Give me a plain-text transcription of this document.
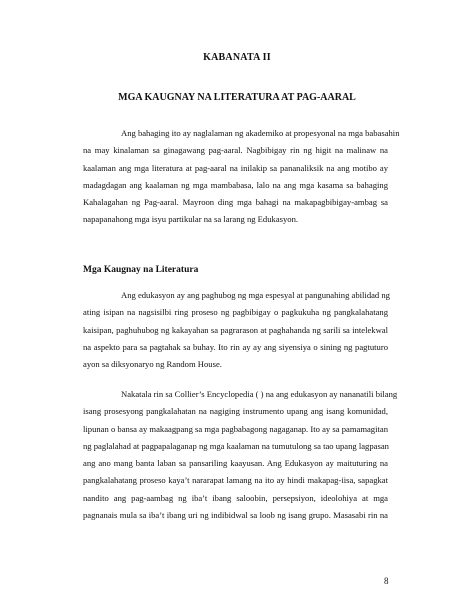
KABANATA II
MGA KAUGNAY NA LITERATURA AT PAG-AARAL
Ang bahaging ito ay naglalaman ng akademiko at propesyonal na mga babasahin
na may kinalaman sa ginagawang pag-aaral. Nagbibigay rin ng higit na malinaw na
kaalaman ang mga literatura at pag-aaral na inilakip sa pananaliksik na ang motibo ay
madagdagan ang kaalaman ng mga mambabasa, lalo na ang mga kasama sa bahaging
Kahalagahan ng Pag-aaral. Mayroon ding mga bahagi na makapagbibigay-ambag sa
napapanahong mga isyu partikular na sa larang ng Edukasyon.
Mga Kaugnay na Literatura
Ang edukasyon ay ang paghubog ng mga espesyal at pangunahing abilidad ng
ating isipan na nagsisilbi ring proseso ng pagbibigay o pagkukuha ng pangkalahatang
kaisipan, paghuhubog ng kakayahan sa pagrarason at paghahanda ng sarili sa intelekwal
na aspekto para sa pagtahak sa buhay. Ito rin ay ay ang siyensiya o sining ng pagtuturo
ayon sa diksyonaryo ng Random House.
Nakatala rin sa Collier’s Encyclopedia ( ) na ang edukasyon ay nananatili bilang
isang prosesyong pangkalahatan na nagiging instrumento upang ang isang komunidad,
lipunan o bansa ay makaagpang sa mga pagbabagong nagaganap. Ito ay sa pamamagitan
ng paglalahad at pagpapalaganap ng mga kaalaman na tumutulong sa tao upang lagpasan
ang ano mang banta laban sa pansariling kaayusan. Ang Edukasyon ay maituturing na
pangkalahatang proseso kaya’t nararapat lamang na ito ay hindi makapag-iisa, sapagkat
nandito ang pag-aambag ng iba’t ibang saloobin, persepsiyon, ideolohiya at mga
pagnanais mula sa iba’t ibang uri ng indibidwal sa loob ng isang grupo. Masasabi rin na
8
